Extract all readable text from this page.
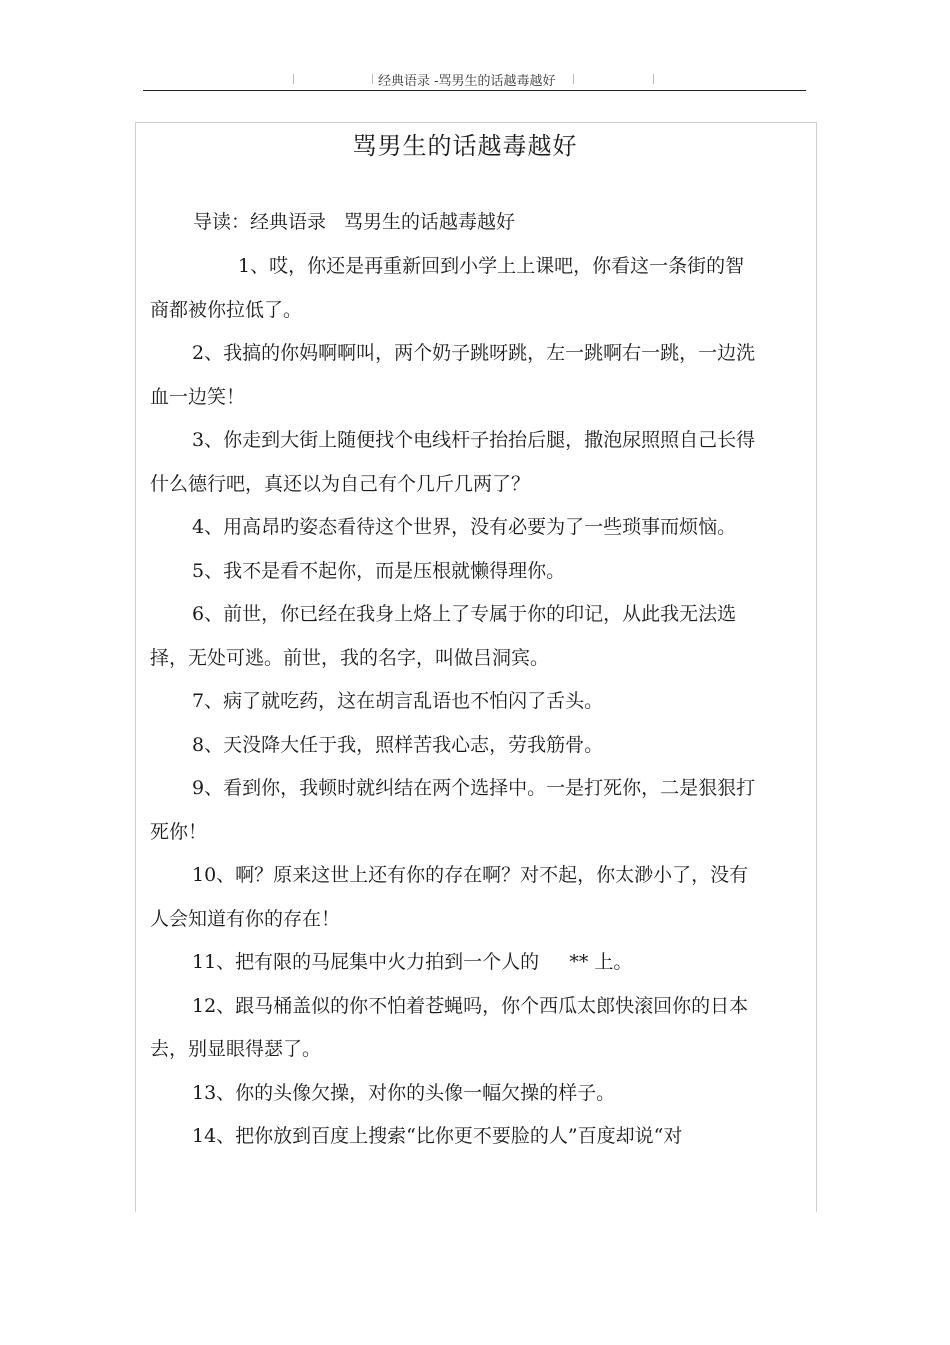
经典语录 -骂男生的话越毒越好
骂男生的话越毒越好
导读：经典语录 骂男生的话越毒越好

1、哎，你还是再重新回到小学上上课吧，你看这一条街的智商都被你拉低了。

2、我搞的你妈啊啊叫，两个奶子跳呀跳，左一跳啊右一跳，一边洗血一边笑！

3、你走到大街上随便找个电线杆子抬抬后腿，撒泡尿照照自己长得什么德行吧，真还以为自己有个几斤几两了？

4、用高昂旳姿态看待这个世界，没有必要为了一些琐事而烦恼。

5、我不是看不起你，而是压根就懒得理你。

6、前世，你已经在我身上烙上了专属于你的印记，从此我无法选择，无处可逃。前世，我的名字，叫做吕洞宾。

7、病了就吃药，这在胡言乱语也不怕闪了舌头。

8、天没降大任于我，照样苦我心志，劳我筋骨。

9、看到你，我顿时就纠结在两个选择中。一是打死你，二是狠狠打死你！

10、啊？原来这世上还有你的存在啊？对不起，你太渺小了，没有人会知道有你的存在！

11、把有限的马屁集中火力拍到一个人的     ** 上。

12、跟马桶盖似的你不怕着苍蝇吗，你个西瓜太郎快滚回你的日本去，别显眼得瑟了。

13、你的头像欠操，对你的头像一幅欠操的样子。

14、把你放到百度上搜索“比你更不要脸的人”百度却说“对
